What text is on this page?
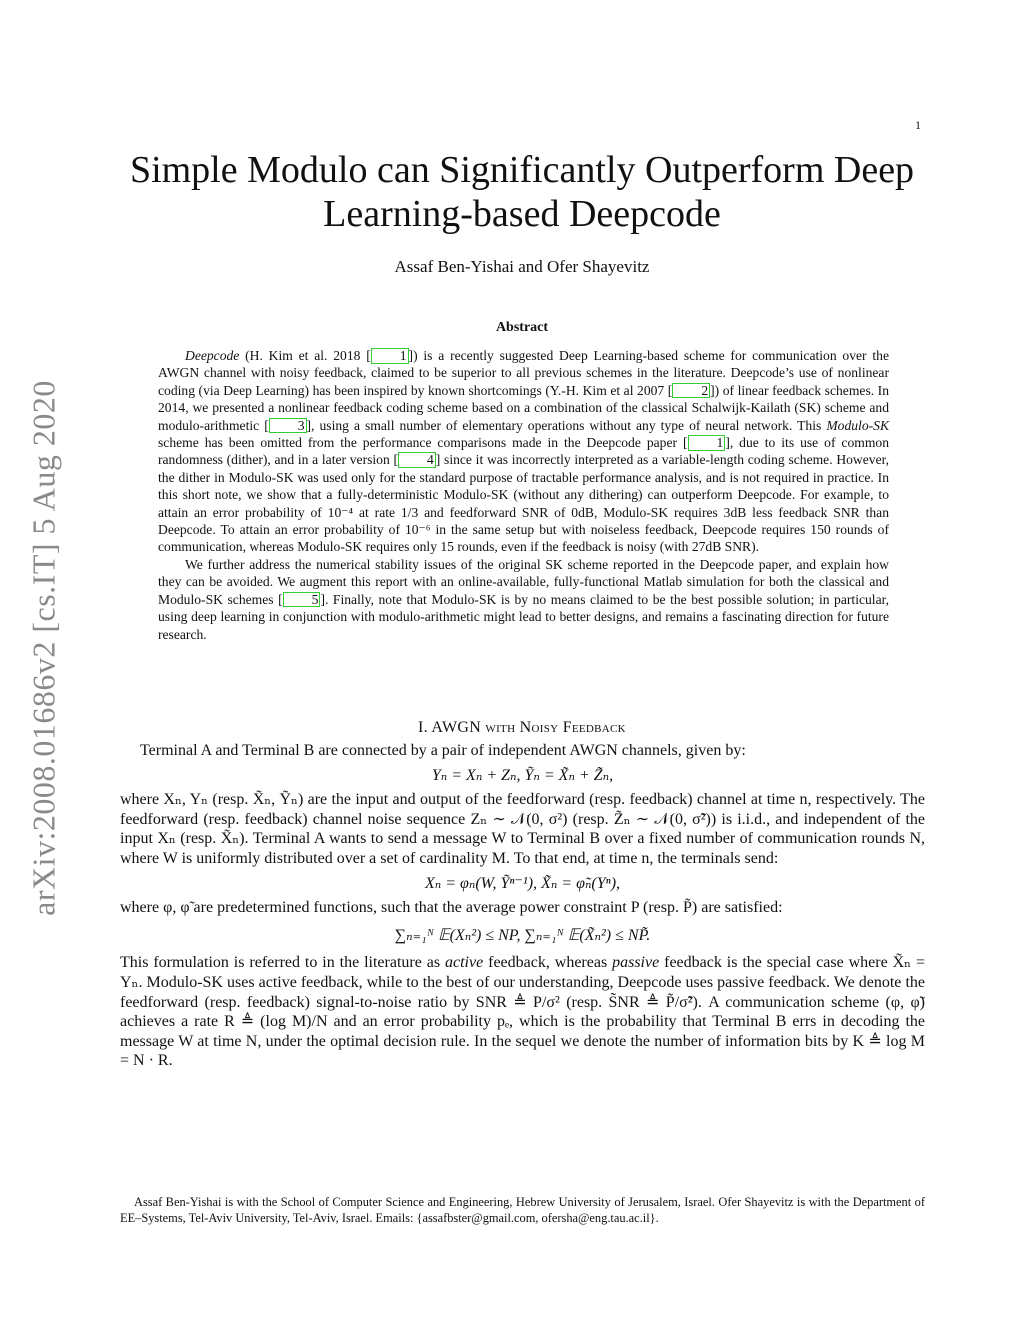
1
arXiv:2008.01686v2 [cs.IT] 5 Aug 2020
Simple Modulo can Significantly Outperform Deep Learning-based Deepcode
Assaf Ben-Yishai and Ofer Shayevitz
Abstract

Deepcode (H. Kim et al. 2018 [ 1 ]) is a recently suggested Deep Learning-based scheme for communication over the AWGN channel with noisy feedback, claimed to be superior to all previous schemes in the literature. Deepcode’s use of nonlinear coding (via Deep Learning) has been inspired by known shortcomings (Y.-H. Kim et al 2007 [ 2 ]) of linear feedback schemes. In 2014, we presented a nonlinear feedback coding scheme based on a combination of the classical Schalwijk-Kailath (SK) scheme and modulo-arithmetic [ 3 ], using a small number of elementary operations without any type of neural network. This Modulo-SK scheme has been omitted from the performance comparisons made in the Deepcode paper [ 1 ], due to its use of common randomness (dither), and in a later version [ 4 ] since it was incorrectly interpreted as a variable-length coding scheme. However, the dither in Modulo-SK was used only for the standard purpose of tractable performance analysis, and is not required in practice. In this short note, we show that a fully-deterministic Modulo-SK (without any dithering) can outperform Deepcode. For example, to attain an error probability of 10⁻⁴ at rate 1/3 and feedforward SNR of 0dB, Modulo-SK requires 3dB less feedback SNR than Deepcode. To attain an error probability of 10⁻⁶ in the same setup but with noiseless feedback, Deepcode requires 150 rounds of communication, whereas Modulo-SK requires only 15 rounds, even if the feedback is noisy (with 27dB SNR).

We further address the numerical stability issues of the original SK scheme reported in the Deepcode paper, and explain how they can be avoided. We augment this report with an online-available, fully-functional Matlab simulation for both the classical and Modulo-SK schemes [ 5 ]. Finally, note that Modulo-SK is by no means claimed to be the best possible solution; in particular, using deep learning in conjunction with modulo-arithmetic might lead to better designs, and remains a fascinating direction for future research.

I. AWGN with Noisy Feedback

Terminal A and Terminal B are connected by a pair of independent AWGN channels, given by:

Yₙ = Xₙ + Zₙ, Ỹₙ = X̃ₙ + Z̃ₙ,

where Xₙ, Yₙ (resp. X̃ₙ, Ỹₙ) are the input and output of the feedforward (resp. feedback) channel at time n, respectively. The feedforward (resp. feedback) channel noise sequence Zₙ ∼ 𝒩(0, σ²) (resp. Z̃ₙ ∼ 𝒩(0, σ̃²)) is i.i.d., and independent of the input Xₙ (resp. X̃ₙ). Terminal A wants to send a message W to Terminal B over a fixed number of communication rounds N, where W is uniformly distributed over a set of cardinality M. To that end, at time n, the terminals send:

Xₙ = φₙ(W, Ỹⁿ⁻¹), X̃ₙ = φ̃ₙ(Yⁿ),

where φ, φ̃ are predetermined functions, such that the average power constraint P (resp. P̃) are satisfied:

∑ₙ₌₁ᴺ 𝔼(Xₙ²) ≤ NP, ∑ₙ₌₁ᴺ 𝔼(X̃ₙ²) ≤ NP̃.

This formulation is referred to in the literature as active feedback, whereas passive feedback is the special case where X̃ₙ = Yₙ. Modulo-SK uses active feedback, while to the best of our understanding, Deepcode uses passive feedback. We denote the feedforward (resp. feedback) signal-to-noise ratio by SNR ≜ P/σ² (resp. S̃NR ≜ P̃/σ̃²). A communication scheme (φ, φ̃) achieves a rate R ≜ (log M)/N and an error probability pₑ, which is the probability that Terminal B errs in decoding the message W at time N, under the optimal decision rule. In the sequel we denote the number of information bits by K ≜ log M = N · R.

Assaf Ben-Yishai is with the School of Computer Science and Engineering, Hebrew University of Jerusalem, Israel. Ofer Shayevitz is with the Department of EE–Systems, Tel-Aviv University, Tel-Aviv, Israel. Emails: {assafbster@gmail.com, ofersha@eng.tau.ac.il}.
